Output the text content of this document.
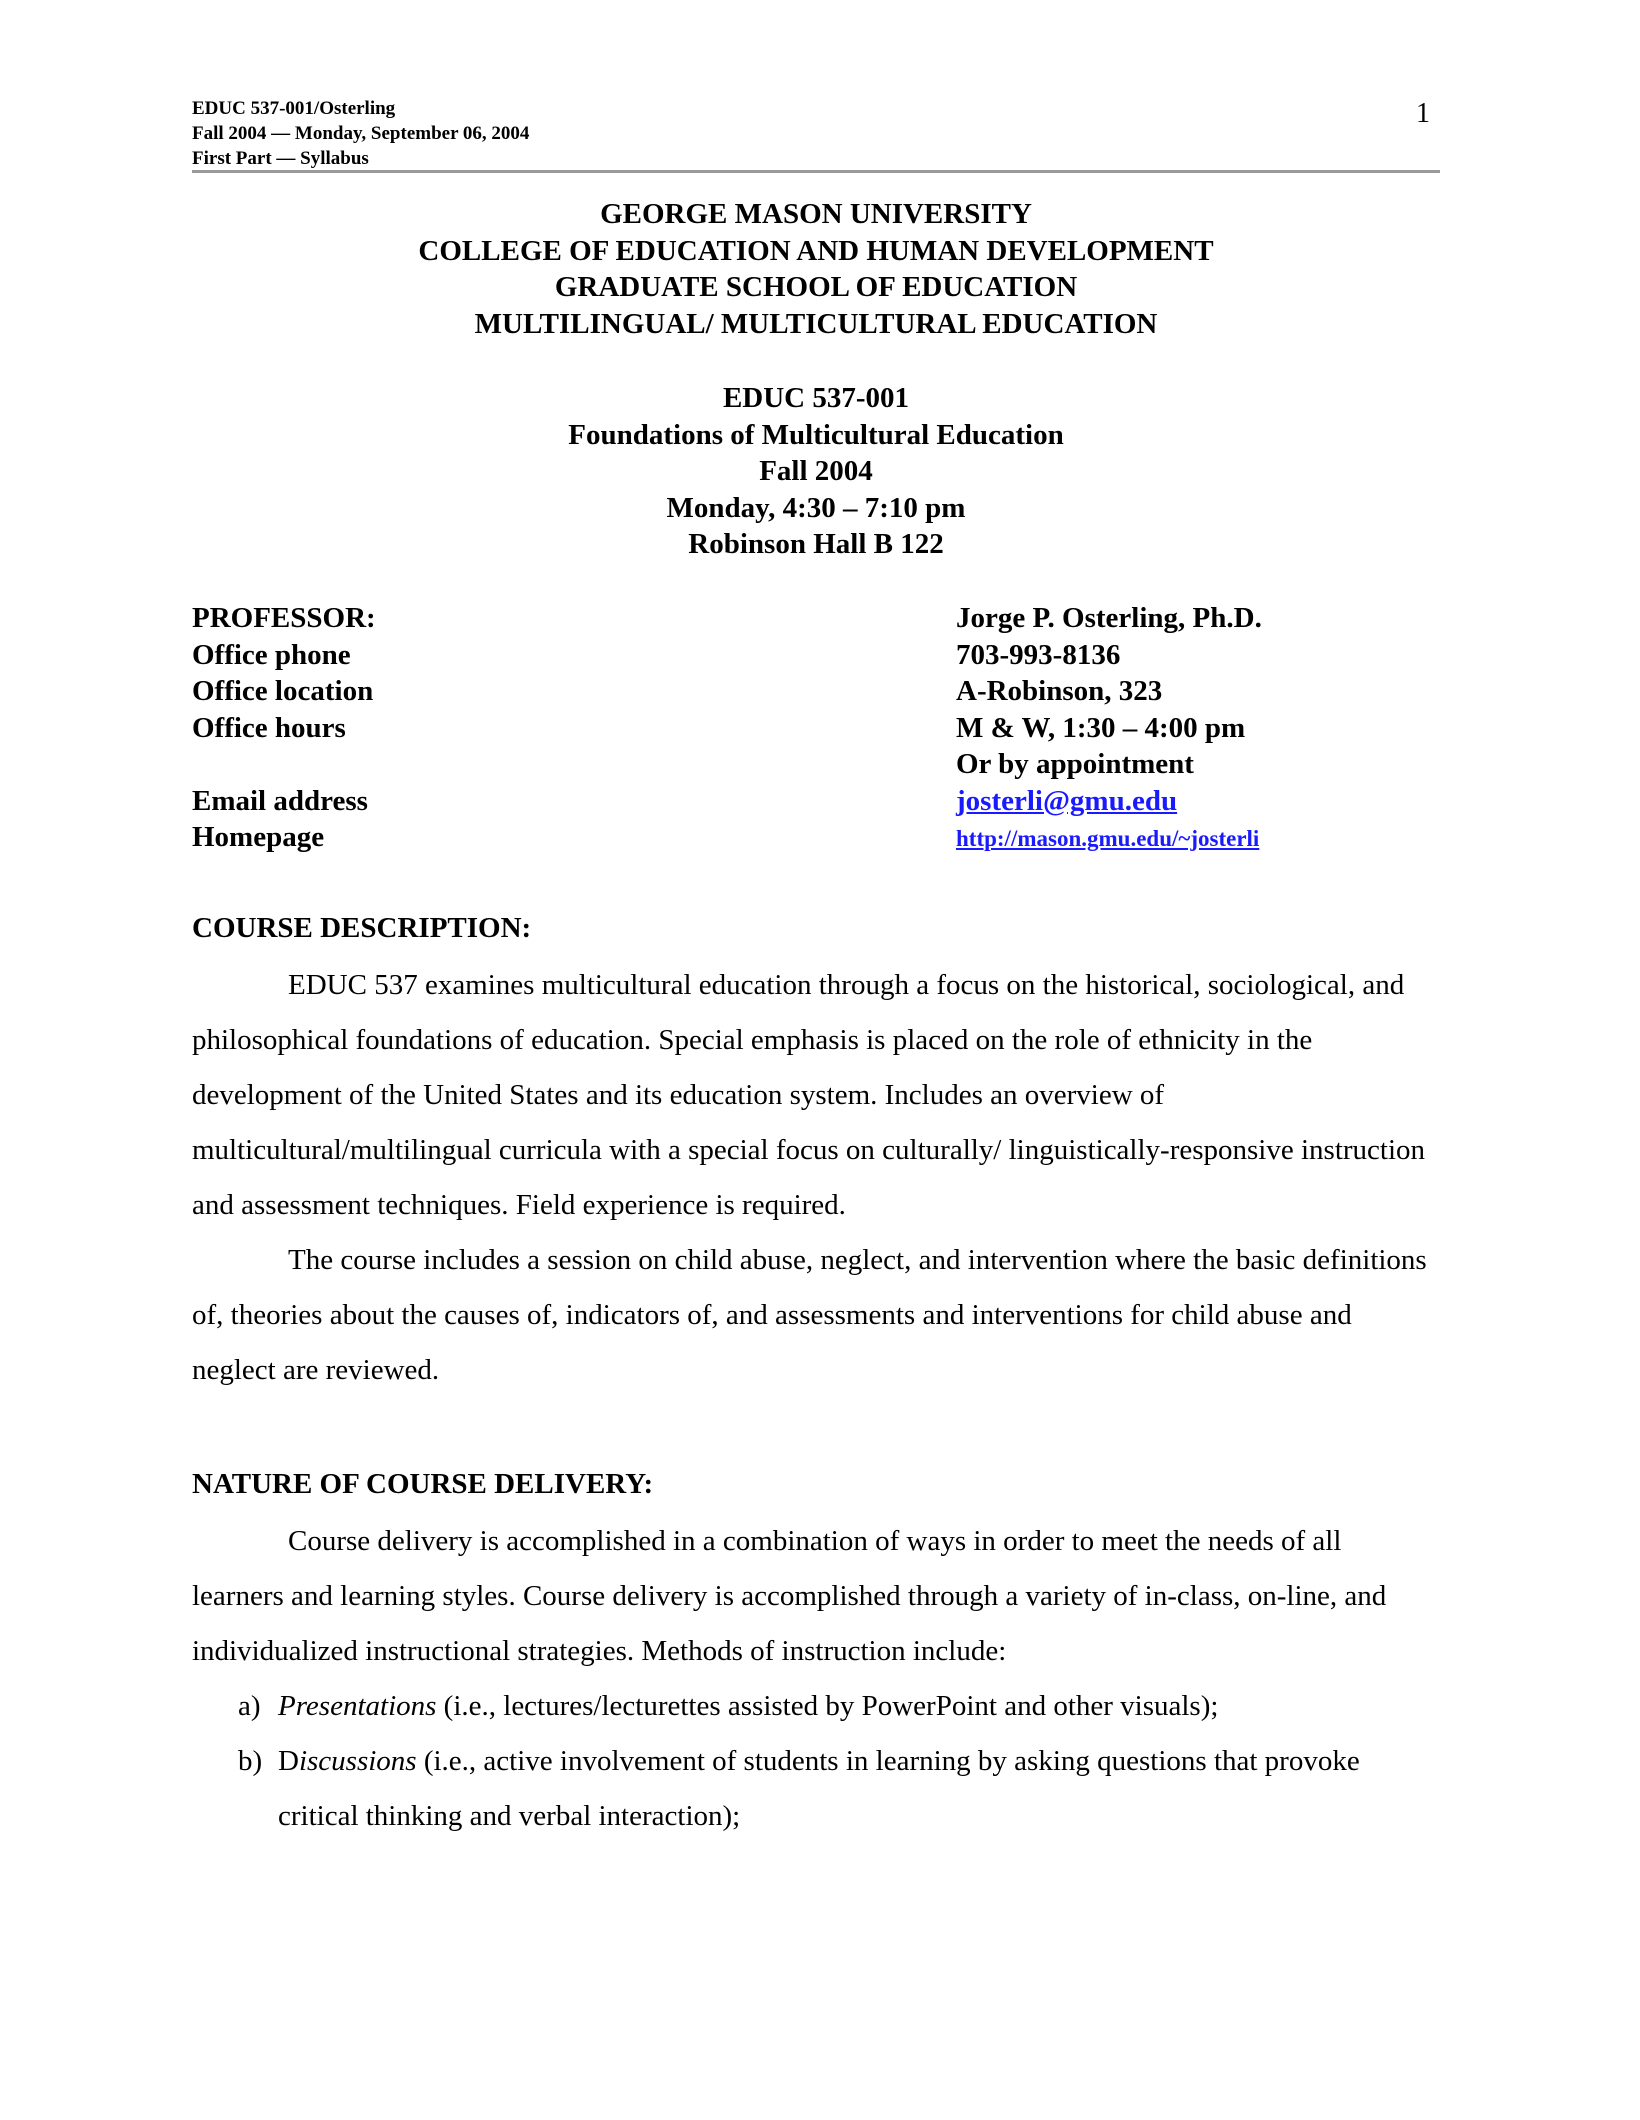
EDUC 537-001/Osterling
Fall 2004 — Monday, September 06, 2004
First Part — Syllabus
1
GEORGE MASON UNIVERSITY
COLLEGE OF EDUCATION AND HUMAN DEVELOPMENT
GRADUATE SCHOOL OF EDUCATION
MULTILINGUAL/ MULTICULTURAL EDUCATION
EDUC 537-001
Foundations of Multicultural Education
Fall 2004
Monday, 4:30 – 7:10 pm
Robinson Hall B 122
PROFESSOR:	Jorge P. Osterling, Ph.D.
Office phone	703-993-8136
Office location	A-Robinson, 323
Office hours	M & W, 1:30 – 4:00 pm
Or by appointment
Email address	josterli@gmu.edu
Homepage	http://mason.gmu.edu/~josterli
COURSE DESCRIPTION:
EDUC 537 examines multicultural education through a focus on the historical, sociological, and philosophical foundations of education. Special emphasis is placed on the role of ethnicity in the development of the United States and its education system. Includes an overview of multicultural/multilingual curricula with a special focus on culturally/ linguistically-responsive instruction and assessment techniques. Field experience is required.
The course includes a session on child abuse, neglect, and intervention where the basic definitions of, theories about the causes of, indicators of, and assessments and interventions for child abuse and neglect are reviewed.
NATURE OF COURSE DELIVERY:
Course delivery is accomplished in a combination of ways in order to meet the needs of all learners and learning styles. Course delivery is accomplished through a variety of in-class, on-line, and individualized instructional strategies. Methods of instruction include:
a) Presentations (i.e., lectures/lecturettes assisted by PowerPoint and other visuals);
b) Discussions (i.e., active involvement of students in learning by asking questions that provoke critical thinking and verbal interaction);
